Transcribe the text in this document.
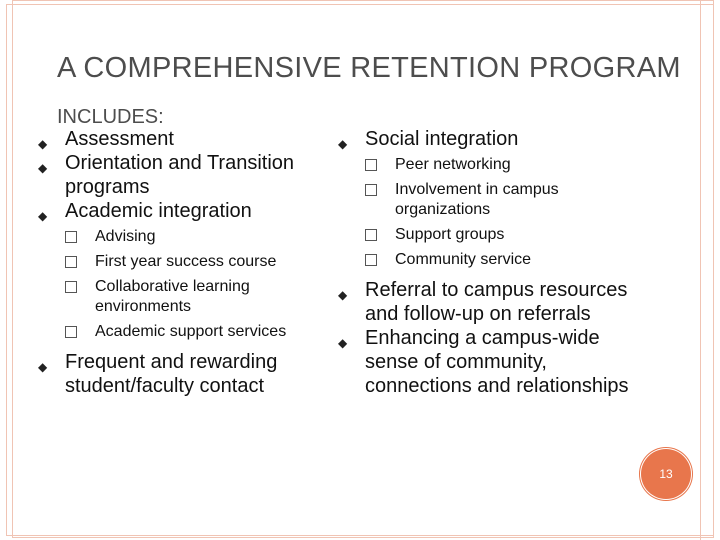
A COMPREHENSIVE RETENTION PROGRAM
INCLUDES:
◆ Assessment
◆ Orientation and Transition programs
◆ Academic integration
Advising
First year success course
Collaborative learning environments
Academic support services
◆ Frequent and rewarding student/faculty contact
◆ Social integration
Peer networking
Involvement in campus organizations
Support groups
Community service
◆ Referral to campus resources and follow-up on referrals
◆ Enhancing a campus-wide sense of community, connections and relationships
13
